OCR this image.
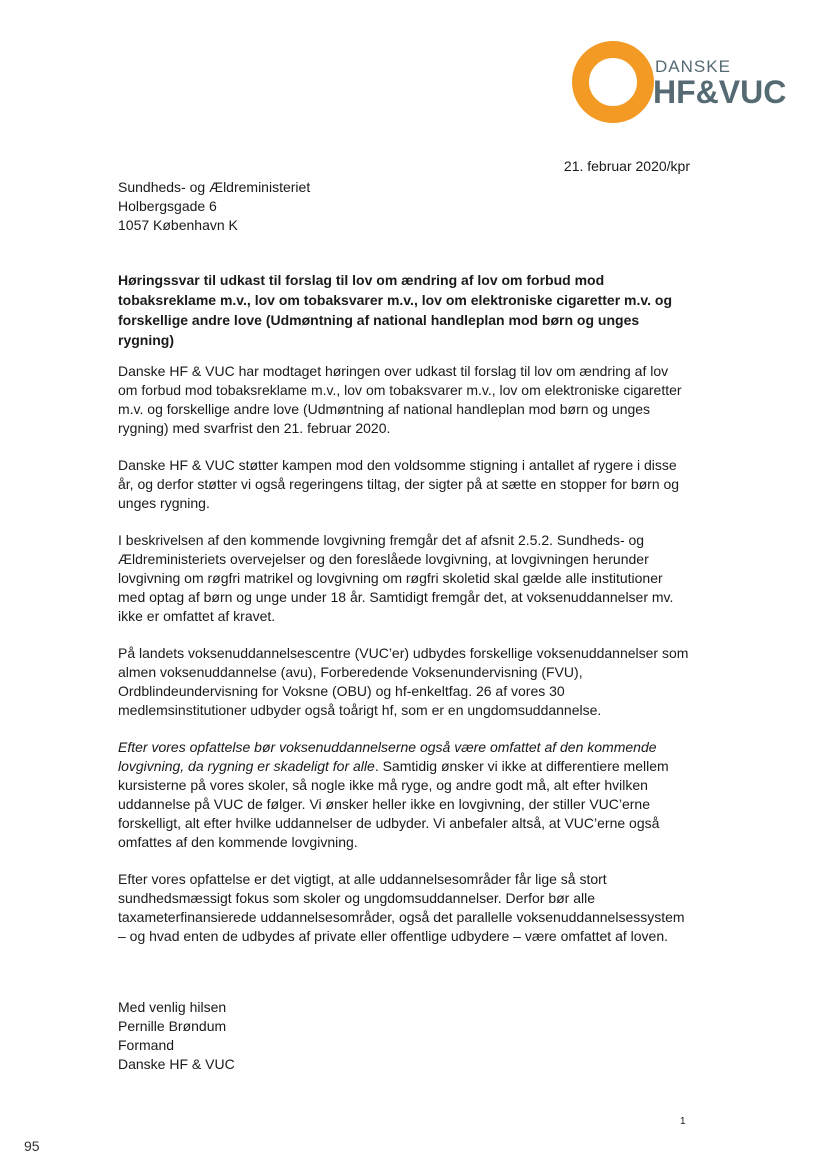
DANSKE
HF&VUC
21. februar 2020/kpr
Sundheds- og Ældreministeriet
Holbergsgade 6
1057 København K
Høringssvar til udkast til forslag til lov om ændring af lov om forbud mod tobaksreklame m.v., lov om tobaksvarer m.v., lov om elektroniske cigaretter m.v. og forskellige andre love (Udmøntning af national handleplan mod børn og unges rygning)

Danske HF & VUC har modtaget høringen over udkast til forslag til lov om ændring af lov om forbud mod tobaksreklame m.v., lov om tobaksvarer m.v., lov om elektroniske cigaretter m.v. og forskellige andre love (Udmøntning af national handleplan mod børn og unges rygning) med svarfrist den 21. februar 2020.

Danske HF & VUC støtter kampen mod den voldsomme stigning i antallet af rygere i disse år, og derfor støtter vi også regeringens tiltag, der sigter på at sætte en stopper for børn og unges rygning.

I beskrivelsen af den kommende lovgivning fremgår det af afsnit 2.5.2. Sundheds- og Ældreministeriets overvejelser og den foreslåede lovgivning, at lovgivningen herunder lovgivning om røgfri matrikel og lovgivning om røgfri skoletid skal gælde alle institutioner med optag af børn og unge under 18 år. Samtidigt fremgår det, at voksenuddannelser mv. ikke er omfattet af kravet.

På landets voksenuddannelsescentre (VUC’er) udbydes forskellige voksenuddannelser som almen voksenuddannelse (avu), Forberedende Voksenundervisning (FVU), Ordblindeundervisning for Voksne (OBU) og hf-enkeltfag. 26 af vores 30 medlemsinstitutioner udbyder også toårigt hf, som er en ungdomsuddannelse.

Efter vores opfattelse bør voksenuddannelserne også være omfattet af den kommende lovgivning, da rygning er skadeligt for alle. Samtidig ønsker vi ikke at differentiere mellem kursisterne på vores skoler, så nogle ikke må ryge, og andre godt må, alt efter hvilken uddannelse på VUC de følger. Vi ønsker heller ikke en lovgivning, der stiller VUC’erne forskelligt, alt efter hvilke uddannelser de udbyder. Vi anbefaler altså, at VUC’erne også omfattes af den kommende lovgivning.

Efter vores opfattelse er det vigtigt, at alle uddannelsesområder får lige så stort sundhedsmæssigt fokus som skoler og ungdomsuddannelser. Derfor bør alle taxameterfinansierede uddannelsesområder, også det parallelle voksenuddannelsessystem – og hvad enten de udbydes af private eller offentlige udbydere – være omfattet af loven.

Med venlig hilsen
Pernille Brøndum
Formand
Danske HF & VUC
1
95
